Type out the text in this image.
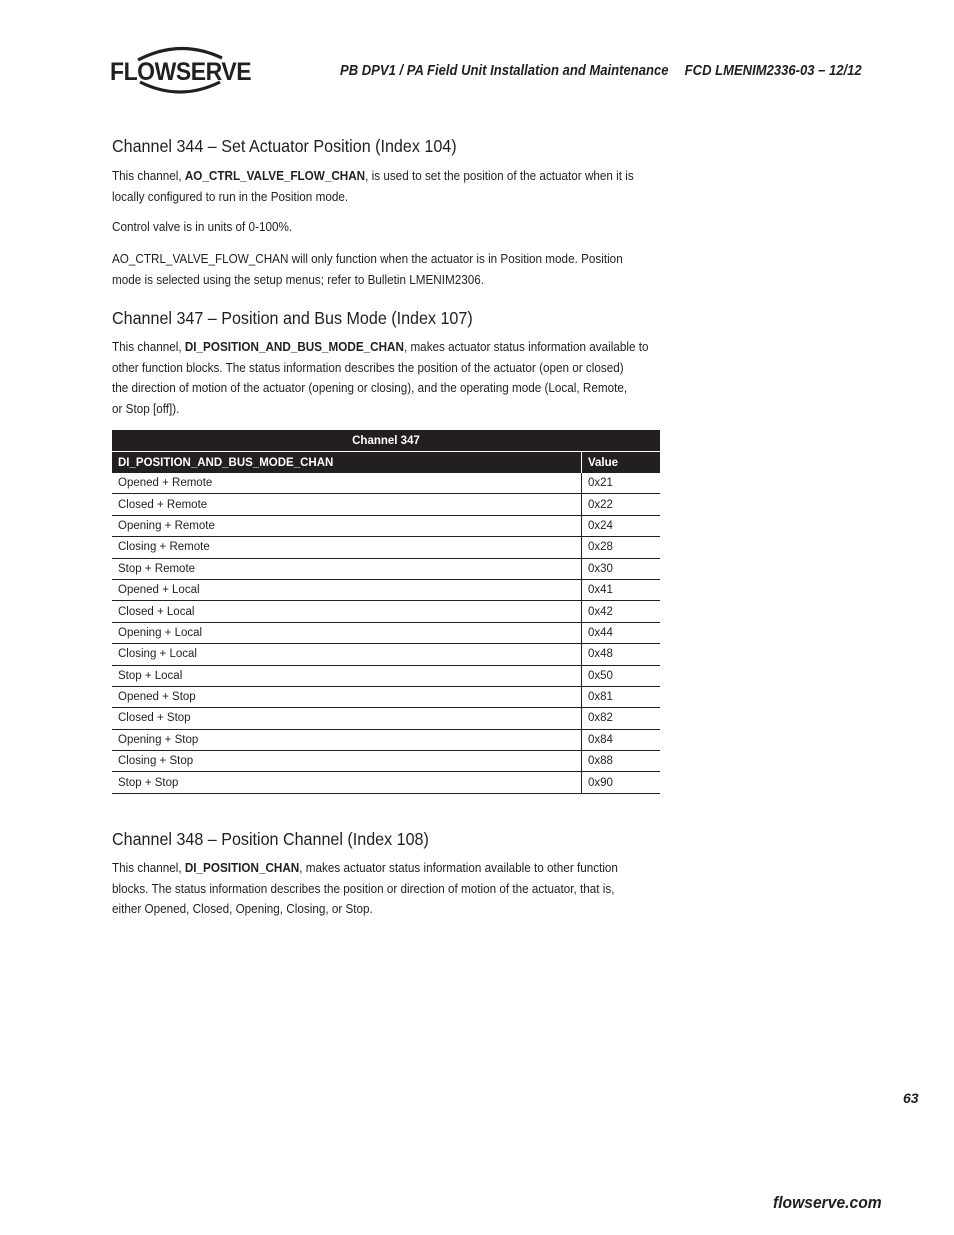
FLOWSERVE	PB DPV1 / PA Field Unit Installation and Maintenance FCD LMENIM2336-03 – 12/12
Channel 344 – Set Actuator Position (Index 104)

This channel, AO_CTRL_VALVE_FLOW_CHAN, is used to set the position of the actuator when it is
locally configured to run in the Position mode.

Control valve is in units of 0-100%.

AO_CTRL_VALVE_FLOW_CHAN will only function when the actuator is in Position mode. Position
mode is selected using the setup menus; refer to Bulletin LMENIM2306.

Channel 347 – Position and Bus Mode (Index 107)

This channel, DI_POSITION_AND_BUS_MODE_CHAN, makes actuator status information available to
other function blocks. The status information describes the position of the actuator (open or closed)
the direction of motion of the actuator (opening or closing), and the operating mode (Local, Remote,
or Stop [off]).

Channel 347	
DI_POSITION_AND_BUS_MODE_CHAN	Value
Opened + Remote	0x21
Closed + Remote	0x22
Opening + Remote	0x24
Closing + Remote	0x28
Stop + Remote	0x30
Opened + Local	0x41
Closed + Local	0x42
Opening + Local	0x44
Closing + Local	0x48
Stop + Local	0x50
Opened + Stop	0x81
Closed + Stop	0x82
Opening + Stop	0x84
Closing + Stop	0x88
Stop + Stop	0x90
Channel 348 – Position Channel (Index 108)

This channel, DI_POSITION_CHAN, makes actuator status information available to other function
blocks. The status information describes the position or direction of motion of the actuator, that is,
either Opened, Closed, Opening, Closing, or Stop.

63
flowserve.com
